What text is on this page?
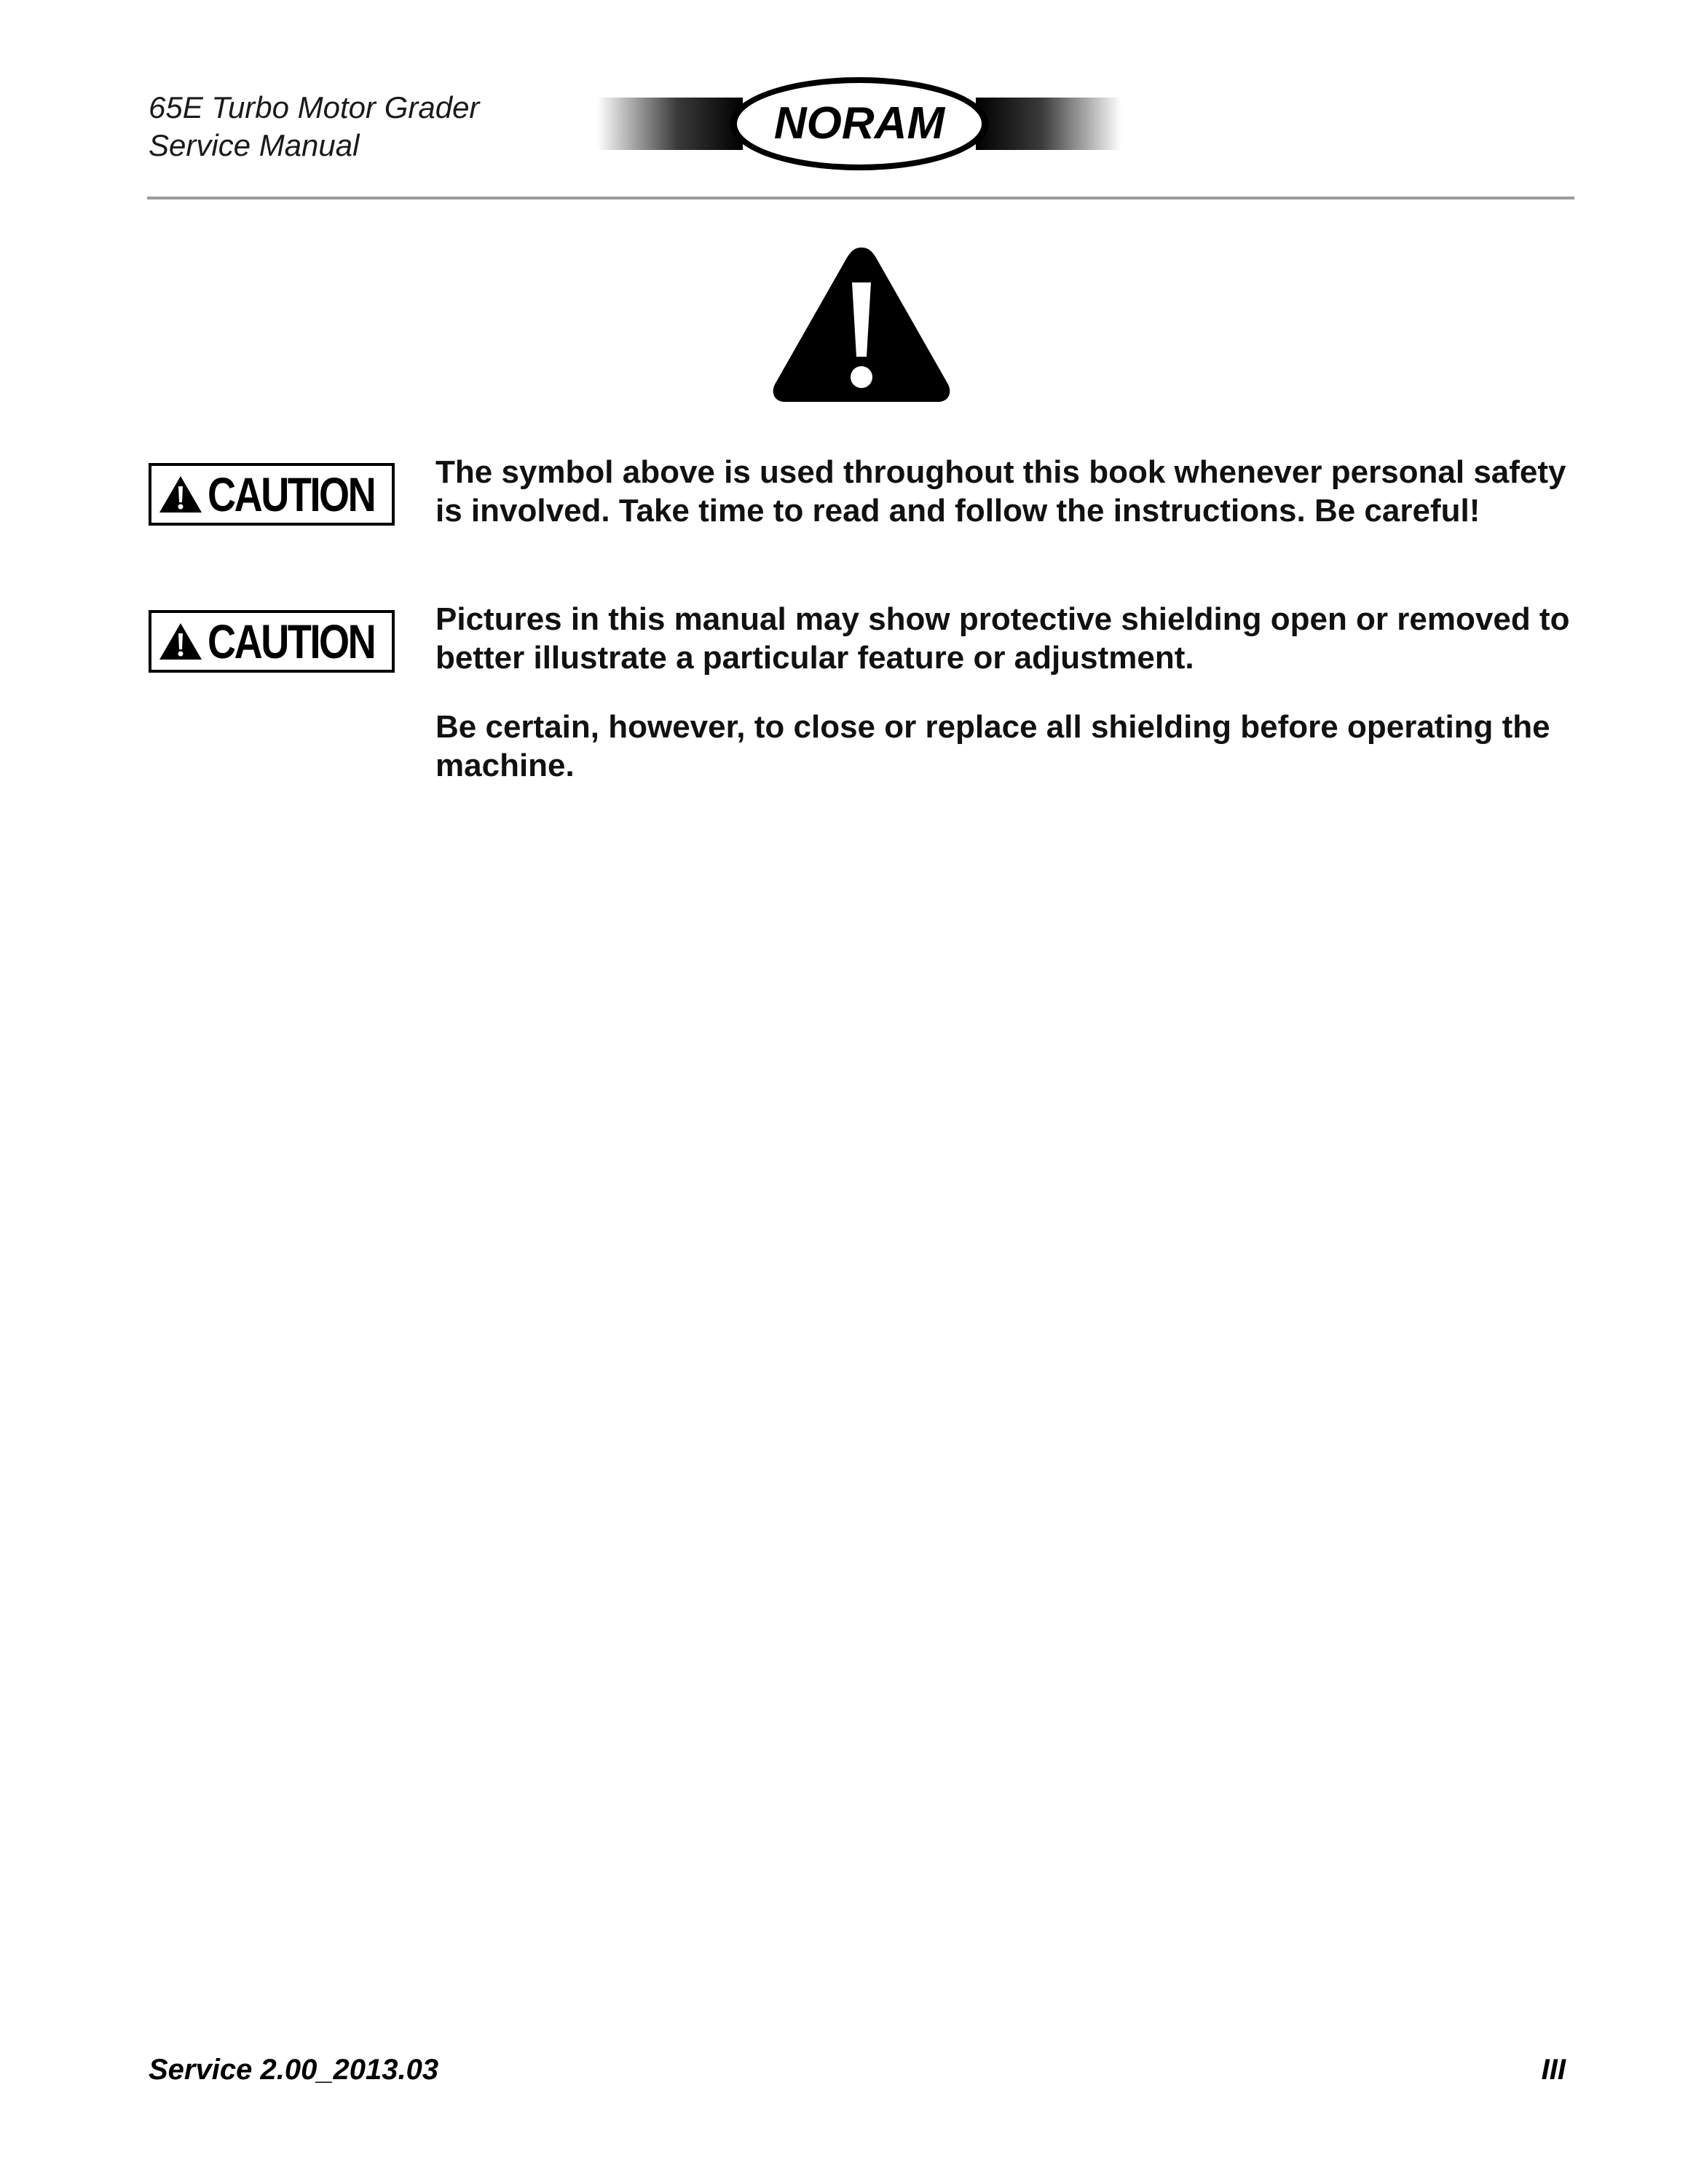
65E Turbo Motor Grader
Service Manual	NORAM
CAUTION The symbol above is used throughout this book whenever personal safety is involved. Take time to read and follow the instructions. Be careful!
CAUTION Pictures in this manual may show protective shielding open or removed to better illustrate a particular feature or adjustment.
Be certain, however, to close or replace all shielding before operating the machine.
Service 2.00_2013.03	III
